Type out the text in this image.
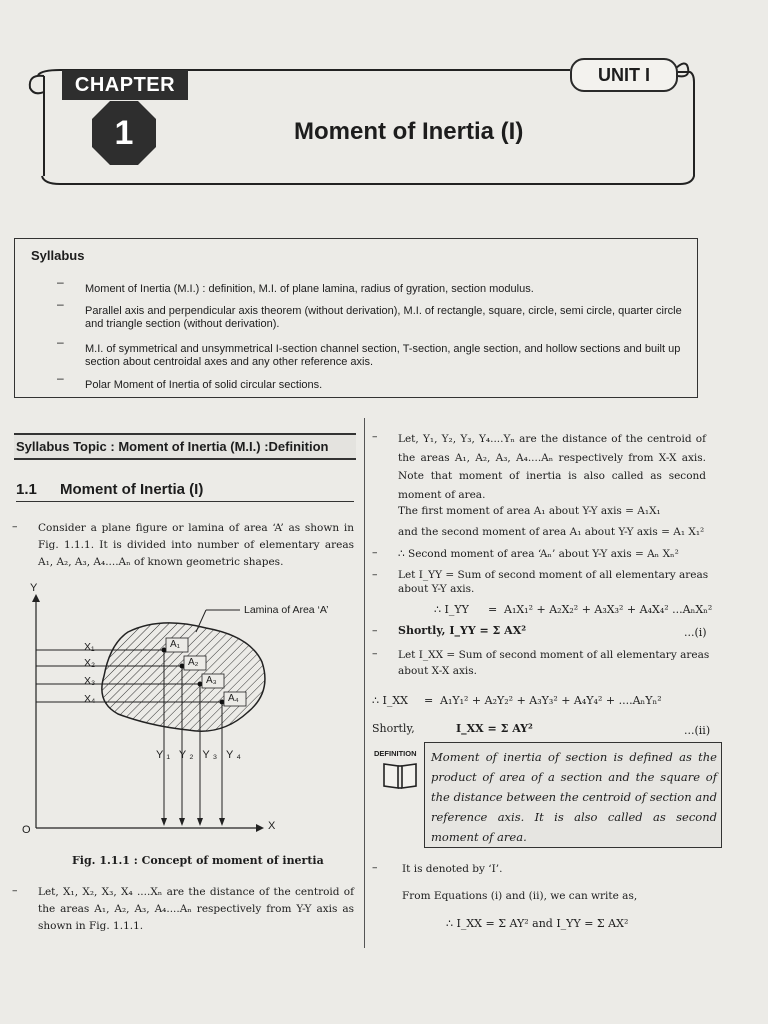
CHAPTER
1
UNIT I
Moment of Inertia (I)
Syllabus
– Moment of Inertia (M.I.) : definition, M.I. of plane lamina, radius of gyration, section modulus.
– Parallel axis and perpendicular axis theorem (without derivation), M.I. of rectangle, square, circle, semi circle, quarter circle and triangle section (without derivation).
– M.I. of symmetrical and unsymmetrical I-section channel section, T-section, angle section, and hollow sections and built up section about centroidal axes and any other reference axis.
– Polar Moment of Inertia of solid circular sections.
Syllabus Topic : Moment of Inertia (M.I.) :Definition
1.1 Moment of Inertia (I)
– Consider a plane figure or lamina of area ‘A’ as shown in Fig. 1.1.1. It is divided into number of elementary areas A₁, A₂, A₃, A₄....Aₙ of known geometric shapes.
Y
X
O
Lamina of Area ‘A’
X₁
X₂
X₃
X₄
A₁
A₂
A₃
A₄
Y₁ Y₂ Y₃ Y₄
Fig. 1.1.1 : Concept of moment of inertia
– Let, X₁, X₂, X₃, X₄ ....Xₙ are the distance of the centroid of the areas A₁, A₂, A₃, A₄....Aₙ respectively from Y-Y axis as shown in Fig. 1.1.1.
– Let, Y₁, Y₂, Y₃, Y₄....Yₙ are the distance of the centroid of the areas A₁, A₂, A₃, A₄....Aₙ respectively from X-X axis. Note that moment of inertia is also called as second moment of area.
The first moment of area A₁ about Y-Y axis = A₁X₁
and the second moment of area A₁ about Y-Y axis = A₁ X₁²
– ∴ Second moment of area ‘Aₙ’ about Y-Y axis = Aₙ Xₙ²
– Let I_YY = Sum of second moment of all elementary areas about Y-Y axis.
∴ I_YY = A₁X₁² + A₂X₂² + A₃X₃² + A₄X₄² ...AₙXₙ²
– Shortly, I_YY = Σ AX²	...(i)
– Let I_XX = Sum of second moment of all elementary areas about X-X axis.
∴ I_XX = A₁Y₁² + A₂Y₂² + A₃Y₃² + A₄Y₄² + ....AₙYₙ²
Shortly,	I_XX = Σ AY²	...(ii)
DEFINITION Moment of inertia of section is defined as the product of area of a section and the square of the distance between the centroid of section and reference axis. It is also called as second moment of area.
– It is denoted by ‘I’.
From Equations (i) and (ii), we can write as,
∴ I_XX = Σ AY² and I_YY = Σ AX²
